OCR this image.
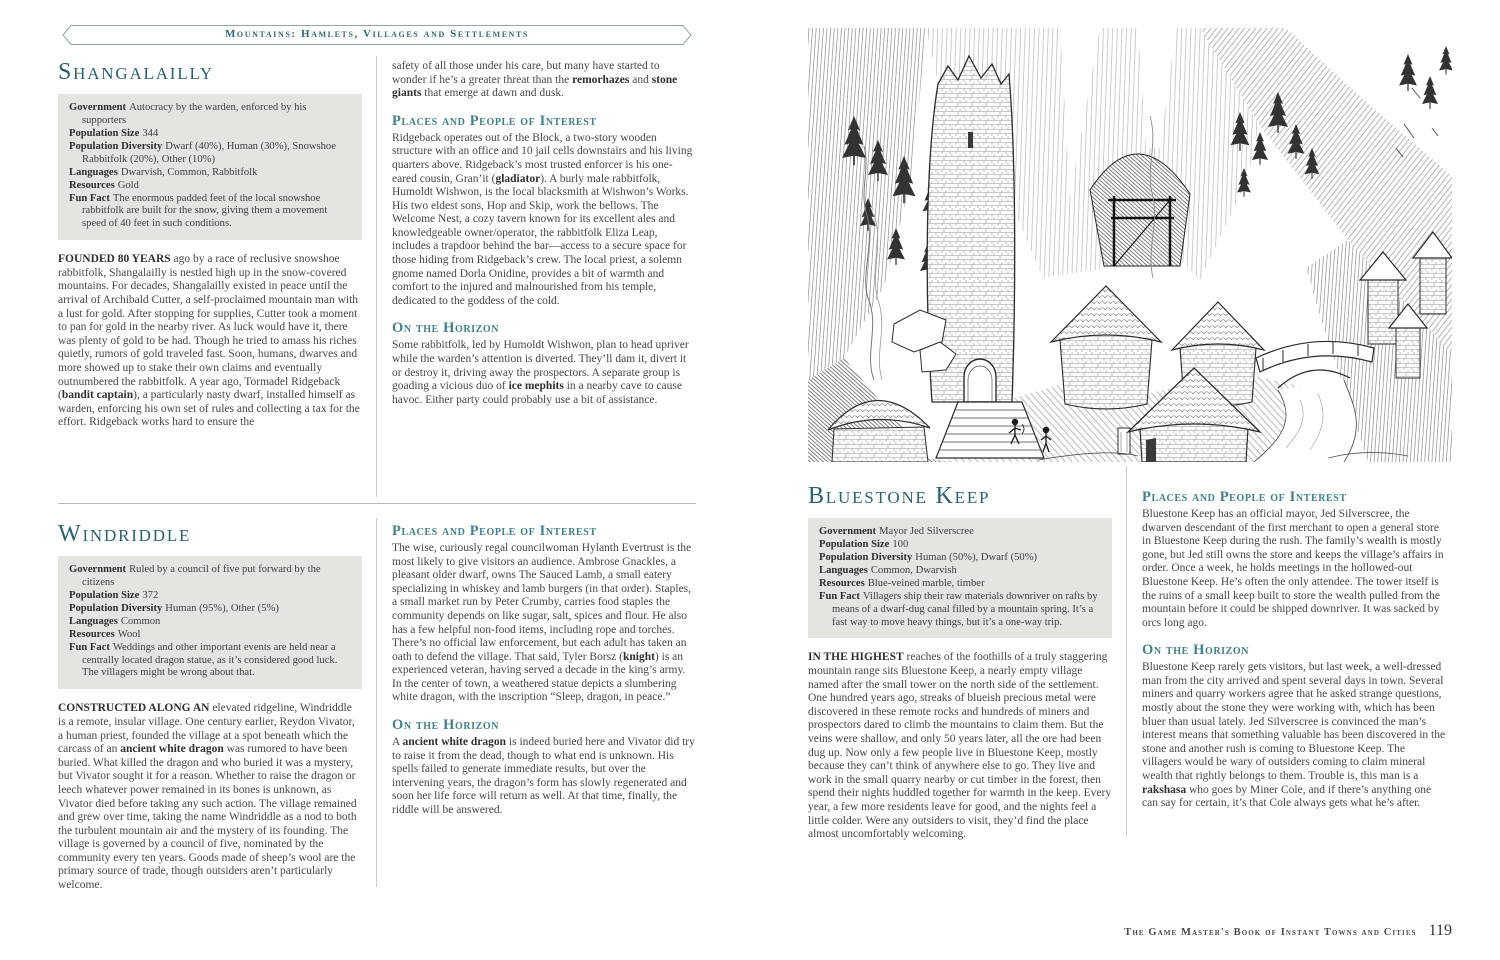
Mountains: Hamlets, Villages and Settlements
Shangalailly
Government Autocracy by the warden, enforced by his supporters
Population Size 344
Population Diversity Dwarf (40%), Human (30%), Snowshoe Rabbitfolk (20%), Other (10%)
Languages Dwarvish, Common, Rabbitfolk
Resources Gold
Fun Fact The enormous padded feet of the local snowshoe rabbitfolk are built for the snow, giving them a movement speed of 40 feet in such conditions.

FOUNDED 80 YEARS ago by a race of reclusive snowshoe rabbitfolk, Shangalailly is nestled high up in the snow-covered mountains. For decades, Shangalailly existed in peace until the arrival of Archibald Cutter, a self-proclaimed mountain man with a lust for gold. After stopping for supplies, Cutter took a moment to pan for gold in the nearby river. As luck would have it, there was plenty of gold to be had. Though he tried to amass his riches quietly, rumors of gold traveled fast. Soon, humans, dwarves and more showed up to stake their own claims and eventually outnumbered the rabbitfolk. A year ago, Tormadel Ridgeback (bandit captain), a particularly nasty dwarf, installed himself as warden, enforcing his own set of rules and collecting a tax for the effort. Ridgeback works hard to ensure the

safety of all those under his care, but many have started to wonder if he’s a greater threat than the remorhazes and stone giants that emerge at dawn and dusk.

Places and People of Interest

Ridgeback operates out of the Block, a two-story wooden structure with an office and 10 jail cells downstairs and his living quarters above. Ridgeback’s most trusted enforcer is his one-eared cousin, Gran’it (gladiator). A burly male rabbitfolk, Humoldt Wishwon, is the local blacksmith at Wishwon’s Works. His two eldest sons, Hop and Skip, work the bellows. The Welcome Nest, a cozy tavern known for its excellent ales and knowledgeable owner/operator, the rabbitfolk Eliza Leap, includes a trapdoor behind the bar—access to a secure space for those hiding from Ridgeback’s crew. The local priest, a solemn gnome named Dorla Onidine, provides a bit of warmth and comfort to the injured and malnourished from his temple, dedicated to the goddess of the cold.

On the Horizon

Some rabbitfolk, led by Humoldt Wishwon, plan to head upriver while the warden’s attention is diverted. They’ll dam it, divert it or destroy it, driving away the prospectors. A separate group is goading a vicious duo of ice mephits in a nearby cave to cause havoc. Either party could probably use a bit of assistance.

Windriddle
Government Ruled by a council of five put forward by the citizens
Population Size 372
Population Diversity Human (95%), Other (5%)
Languages Common
Resources Wool
Fun Fact Weddings and other important events are held near a centrally located dragon statue, as it’s considered good luck. The villagers might be wrong about that.

CONSTRUCTED ALONG AN elevated ridgeline, Windriddle is a remote, insular village. One century earlier, Reydon Vivator, a human priest, founded the village at a spot beneath which the carcass of an ancient white dragon was rumored to have been buried. What killed the dragon and who buried it was a mystery, but Vivator sought it for a reason. Whether to raise the dragon or leech whatever power remained in its bones is unknown, as Vivator died before taking any such action. The village remained and grew over time, taking the name Windriddle as a nod to both the turbulent mountain air and the mystery of its founding. The village is governed by a council of five, nominated by the community every ten years. Goods made of sheep’s wool are the primary source of trade, though outsiders aren’t particularly welcome.

Places and People of Interest

The wise, curiously regal councilwoman Hylanth Evertrust is the most likely to give visitors an audience. Ambrose Gnackles, a pleasant older dwarf, owns The Sauced Lamb, a small eatery specializing in whiskey and lamb burgers (in that order). Staples, a small market run by Peter Crumby, carries food staples the community depends on like sugar, salt, spices and flour. He also has a few helpful non-food items, including rope and torches. There’s no official law enforcement, but each adult has taken an oath to defend the village. That said, Tyler Borsz (knight) is an experienced veteran, having served a decade in the king’s army. In the center of town, a weathered statue depicts a slumbering white dragon, with the inscription “Sleep, dragon, in peace.”

On the Horizon

A ancient white dragon is indeed buried here and Vivator did try to raise it from the dead, though to what end is unknown. His spells failed to generate immediate results, but over the intervening years, the dragon’s form has slowly regenerated and soon her life force will return as well. At that time, finally, the riddle will be answered.

Bluestone Keep
Government Mayor Jed Silverscree
Population Size 100
Population Diversity Human (50%), Dwarf (50%)
Languages Common, Dwarvish
Resources Blue-veined marble, timber
Fun Fact Villagers ship their raw materials downriver on rafts by means of a dwarf-dug canal filled by a mountain spring. It’s a fast way to move heavy things, but it’s a one-way trip.

IN THE HIGHEST reaches of the foothills of a truly staggering mountain range sits Bluestone Keep, a nearly empty village named after the small tower on the north side of the settlement. One hundred years ago, streaks of blueish precious metal were discovered in these remote rocks and hundreds of miners and prospectors dared to climb the mountains to claim them. But the veins were shallow, and only 50 years later, all the ore had been dug up. Now only a few people live in Bluestone Keep, mostly because they can’t think of anywhere else to go. They live and work in the small quarry nearby or cut timber in the forest, then spend their nights huddled together for warmth in the keep. Every year, a few more residents leave for good, and the nights feel a little colder. Were any outsiders to visit, they’d find the place almost uncomfortably welcoming.

Places and People of Interest

Bluestone Keep has an official mayor, Jed Silverscree, the dwarven descendant of the first merchant to open a general store in Bluestone Keep during the rush. The family’s wealth is mostly gone, but Jed still owns the store and keeps the village’s affairs in order. Once a week, he holds meetings in the hollowed-out Bluestone Keep. He’s often the only attendee. The tower itself is the ruins of a small keep built to store the wealth pulled from the mountain before it could be shipped downriver. It was sacked by orcs long ago.

On the Horizon

Bluestone Keep rarely gets visitors, but last week, a well-dressed man from the city arrived and spent several days in town. Several miners and quarry workers agree that he asked strange questions, mostly about the stone they were working with, which has been bluer than usual lately. Jed Silverscree is convinced the man’s interest means that something valuable has been discovered in the stone and another rush is coming to Bluestone Keep. The villagers would be wary of outsiders coming to claim mineral wealth that rightly belongs to them. Trouble is, this man is a rakshasa who goes by Miner Cole, and if there’s anything one can say for certain, it’s that Cole always gets what he’s after.

The Game Master's Book of Instant Towns and Cities 119
